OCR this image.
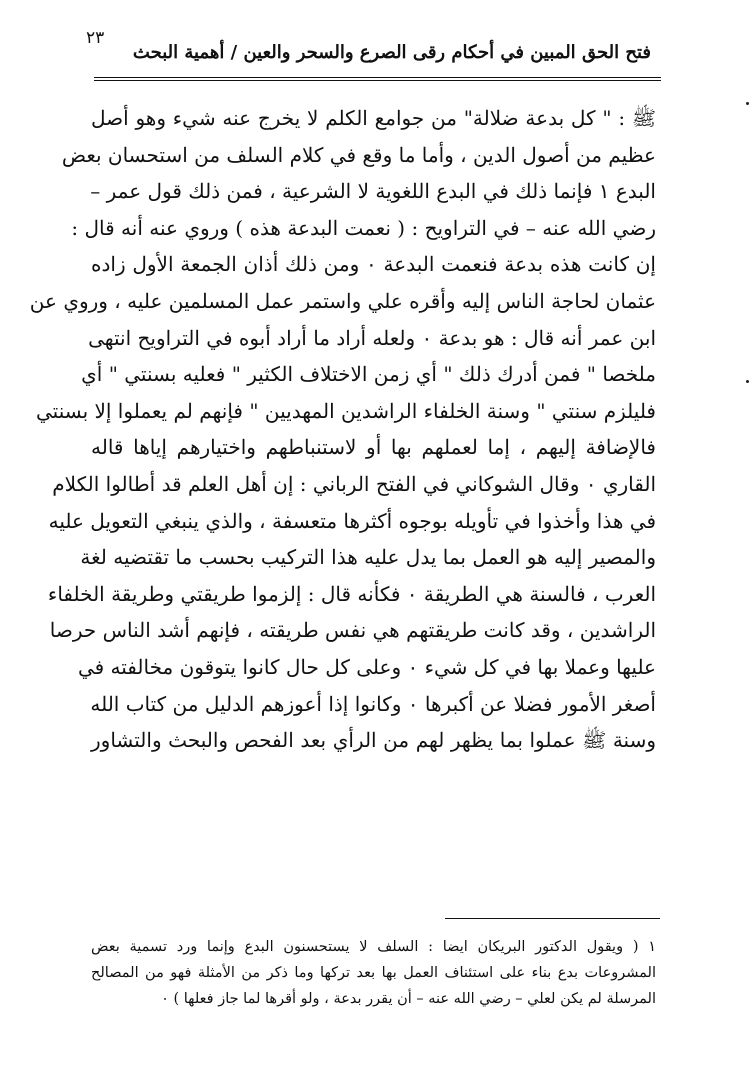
٢٣
فتح الحق المبين في أحكام رقى الصرع والسحر والعين / أهمية البحث
ﷺ : " كل بدعة ضلالة" من جوامع الكلم لا يخرج عنه شيء وهو أصل
عظيم من أصول الدين ، وأما ما وقع في كلام السلف من استحسان بعض
البدع ١ فإنما ذلك في البدع اللغوية لا الشرعية ، فمن ذلك قول عمر –
رضي الله عنه – في التراويح : ( نعمت البدعة هذه ) وروي عنه أنه قال :
إن كانت هذه بدعة فنعمت البدعة ٠ ومن ذلك أذان الجمعة الأول زاده
عثمان لحاجة الناس إليه وأقره علي واستمر عمل المسلمين عليه ، وروي عن
ابن عمر أنه قال : هو بدعة ٠ ولعله أراد ما أراد أبوه في التراويح انتهى
ملخصا " فمن أدرك ذلك " أي زمن الاختلاف الكثير " فعليه بسنتي " أي
فليلزم سنتي " وسنة الخلفاء الراشدين المهديين " فإنهم لم يعملوا إلا بسنتي
فالإضافة إليهم ، إما لعملهم بها أو لاستنباطهم واختيارهم إياها قاله
القاري ٠ وقال الشوكاني في الفتح الرباني : إن أهل العلم قد أطالوا الكلام
في هذا وأخذوا في تأويله بوجوه أكثرها متعسفة ، والذي ينبغي التعويل عليه
والمصير إليه هو العمل بما يدل عليه هذا التركيب بحسب ما تقتضيه لغة
العرب ، فالسنة هي الطريقة ٠ فكأنه قال : إلزموا طريقتي وطريقة الخلفاء
الراشدين ، وقد كانت طريقتهم هي نفس طريقته ، فإنهم أشد الناس حرصا
عليها وعملا بها في كل شيء ٠ وعلى كل حال كانوا يتوقون مخالفته في
أصغر الأمور فضلا عن أكبرها ٠ وكانوا إذا أعوزهم الدليل من كتاب الله
وسنة ﷺ عملوا بما يظهر لهم من الرأي بعد الفحص والبحث والتشاور
١ ( ويقول الدكتور البريكان ايضا : السلف لا يستحسنون البدع وإنما ورد تسمية بعض
المشروعات بدع بناء على استئناف العمل بها بعد تركها وما ذكر من الأمثلة فهو من المصالح
المرسلة لم يكن لعلي – رضي الله عنه – أن يقرر بدعة ، ولو أقرها لما جاز فعلها ) ٠
